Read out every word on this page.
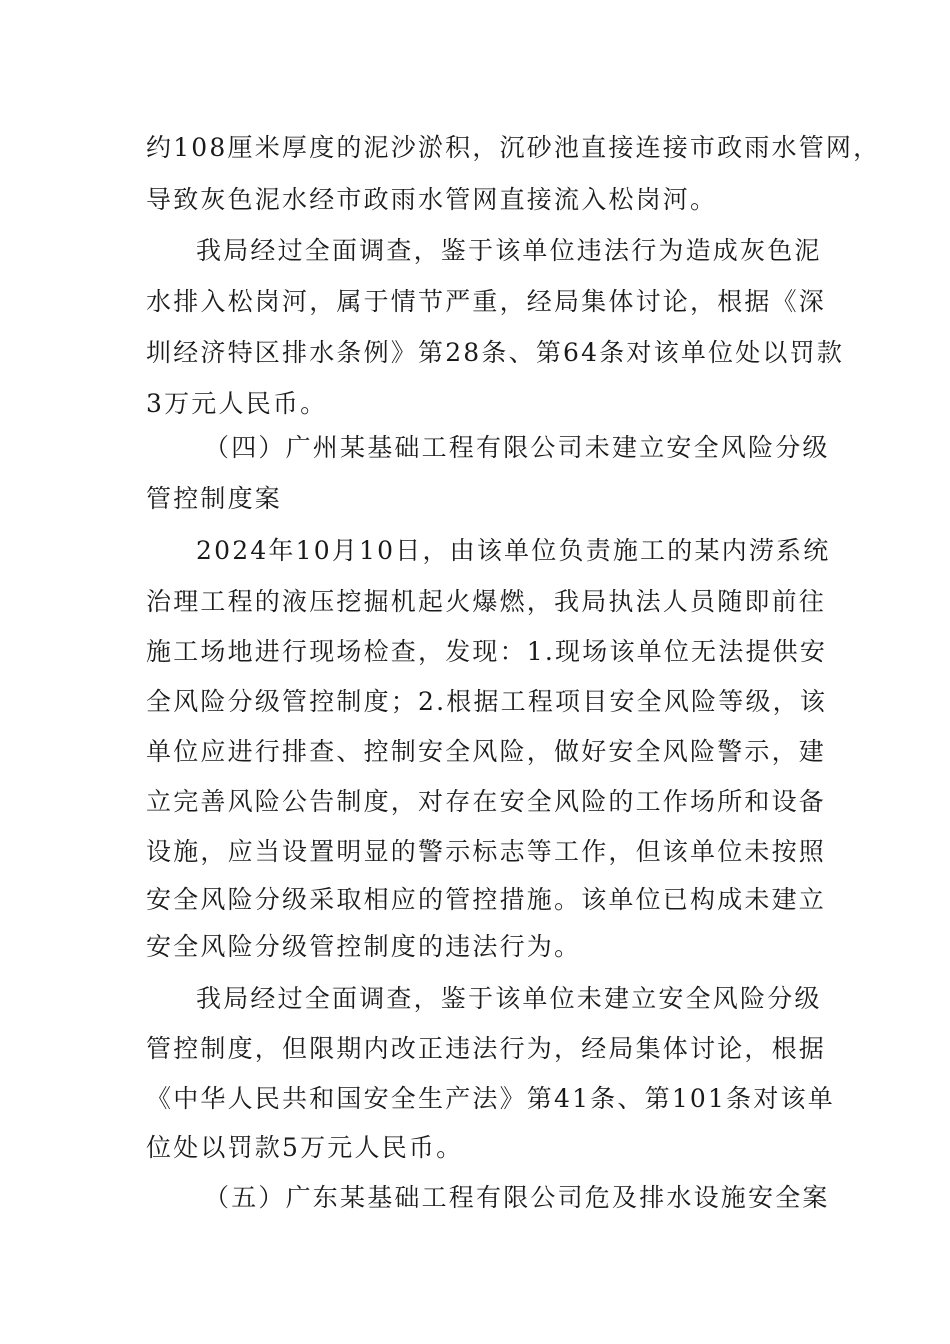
约108厘米厚度的泥沙淤积，沉砂池直接连接市政雨水管网，
导致灰色泥水经市政雨水管网直接流入松岗河。
我局经过全面调查，鉴于该单位违法行为造成灰色泥
水排入松岗河，属于情节严重，经局集体讨论，根据《深
圳经济特区排水条例》第28条、第64条对该单位处以罚款
3万元人民币。
（四）广州某基础工程有限公司未建立安全风险分级
管控制度案
2024年10月10日，由该单位负责施工的某内涝系统
治理工程的液压挖掘机起火爆燃，我局执法人员随即前往
施工场地进行现场检查，发现：1.现场该单位无法提供安
全风险分级管控制度；2.根据工程项目安全风险等级，该
单位应进行排查、控制安全风险，做好安全风险警示，建
立完善风险公告制度，对存在安全风险的工作场所和设备
设施，应当设置明显的警示标志等工作，但该单位未按照
安全风险分级采取相应的管控措施。该单位已构成未建立
安全风险分级管控制度的违法行为。
我局经过全面调查，鉴于该单位未建立安全风险分级
管控制度，但限期内改正违法行为，经局集体讨论，根据
《中华人民共和国安全生产法》第41条、第101条对该单
位处以罚款5万元人民币。
（五）广东某基础工程有限公司危及排水设施安全案
